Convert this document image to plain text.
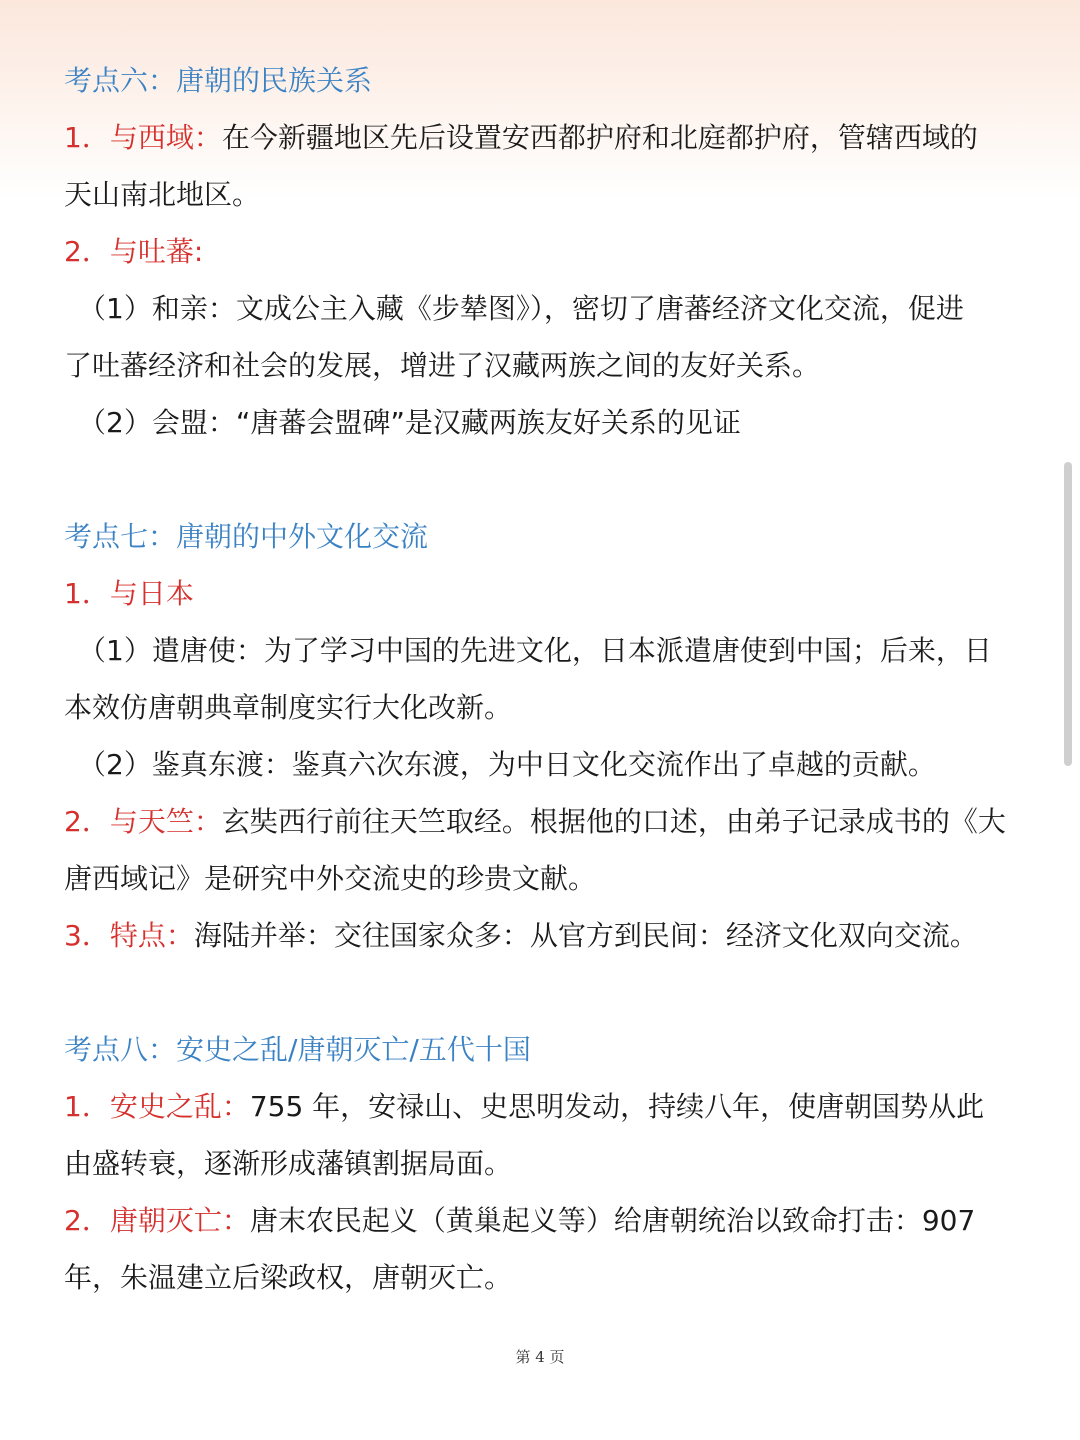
考点六：唐朝的民族关系
1．与西域：在今新疆地区先后设置安西都护府和北庭都护府，管辖西域的
天山南北地区。
2．与吐蕃:
（1）和亲：文成公主入藏《步辇图》），密切了唐蕃经济文化交流，促进
了吐蕃经济和社会的发展，增进了汉藏两族之间的友好关系。
（2）会盟：“唐蕃会盟碑”是汉藏两族友好关系的见证
考点七：唐朝的中外文化交流
1．与日本
（1）遣唐使：为了学习中国的先进文化，日本派遣唐使到中国；后来，日
本效仿唐朝典章制度实行大化改新。
（2）鉴真东渡：鉴真六次东渡，为中日文化交流作出了卓越的贡献。
2．与天竺：玄奘西行前往天竺取经。根据他的口述，由弟子记录成书的《大
唐西域记》是研究中外交流史的珍贵文献。
3．特点：海陆并举：交往国家众多：从官方到民间：经济文化双向交流。
考点八：安史之乱/唐朝灭亡/五代十国
1．安史之乱：755 年，安禄山、史思明发动，持续八年，使唐朝国势从此
由盛转衰，逐渐形成藩镇割据局面。
2．唐朝灭亡：唐末农民起义（黄巢起义等）给唐朝统治以致命打击：907
年，朱温建立后梁政权，唐朝灭亡。
第 4 页
